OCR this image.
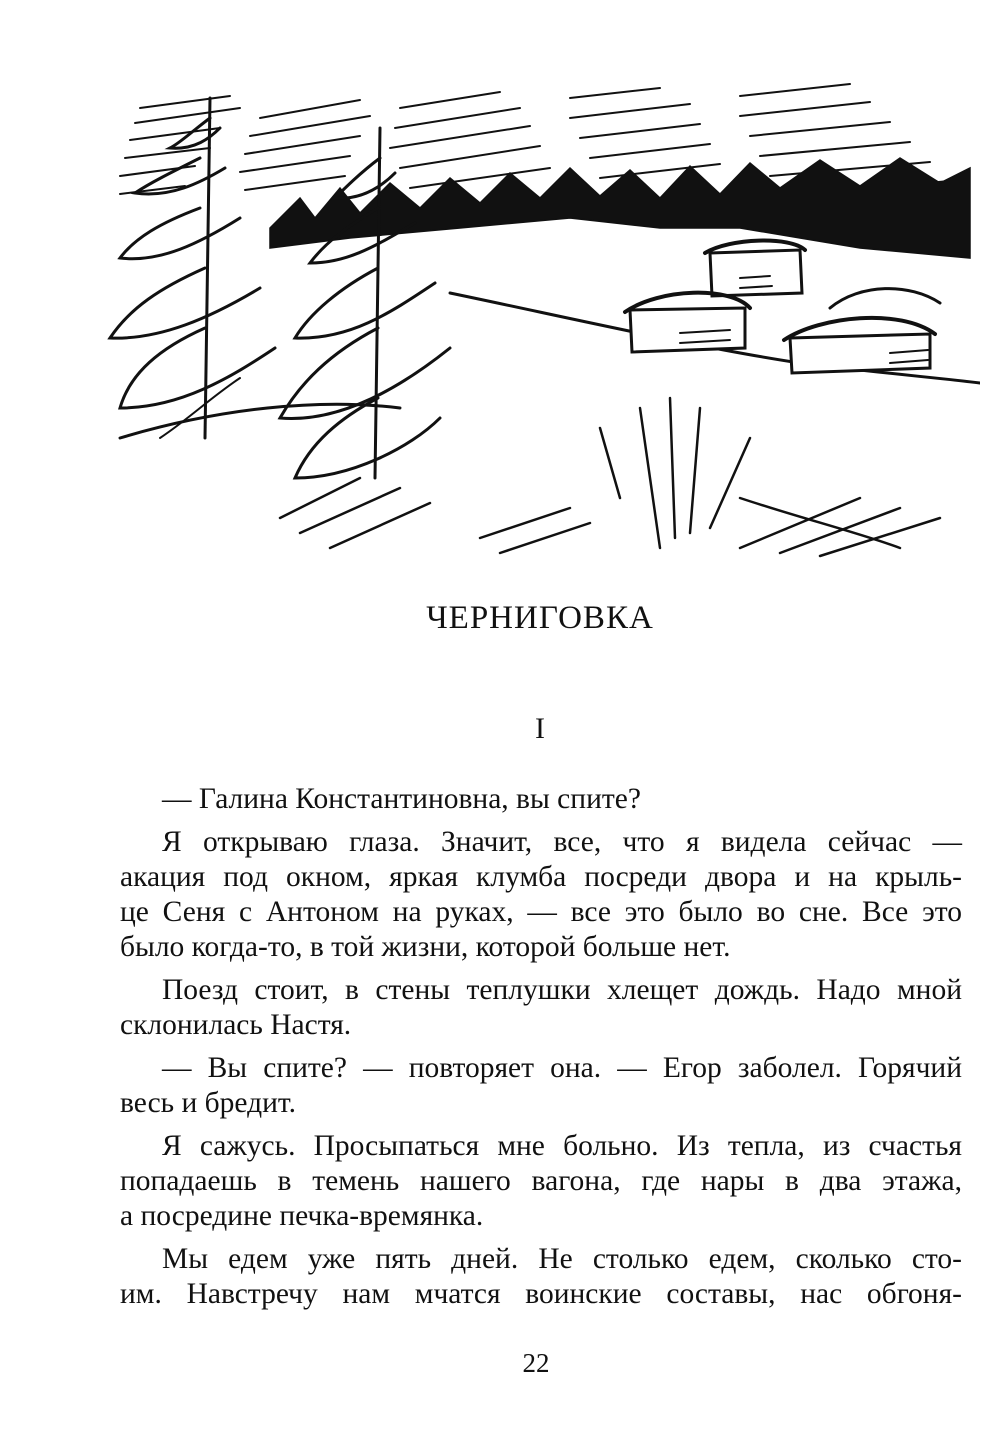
ЧЕРНИГОВКА
I
— Галина Константиновна, вы спите?
Я открываю глаза. Значит, все, что я видела сейчас —
акация под окном, яркая клумба посреди двора и на крыль-
це Сеня с Антоном на руках, — все это было во сне. Все это
было когда-то, в той жизни, которой больше нет.
Поезд стоит, в стены теплушки хлещет дождь. Надо мной
склонилась Настя.
— Вы спите? — повторяет она. — Егор заболел. Горячий
весь и бредит.
Я сажусь. Просыпаться мне больно. Из тепла, из счастья
попадаешь в темень нашего вагона, где нары в два этажа,
а посредине печка-времянка.
Мы едем уже пять дней. Не столько едем, сколько сто-
им. Навстречу нам мчатся воинские составы, нас обгоня-
22
